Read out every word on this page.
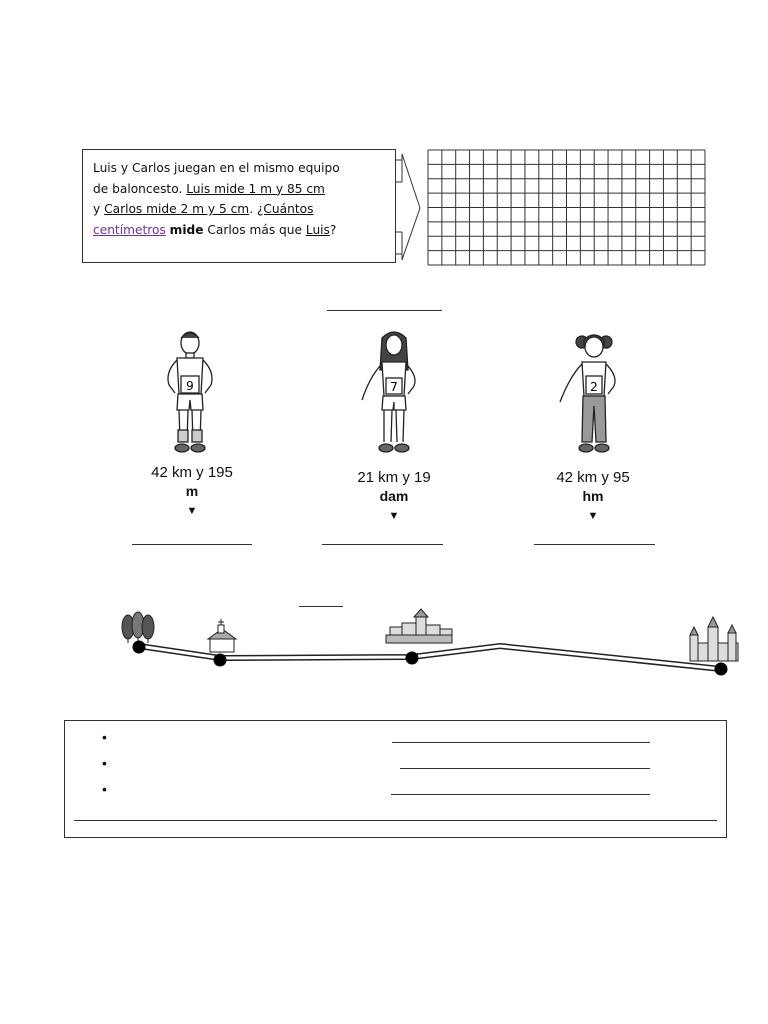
Luis y Carlos juegan en el mismo equipo
de baloncesto. Luis mide 1 m y 85 cm
y Carlos mide 2 m y 5 cm. ¿Cuántos
centímetros mide Carlos más que Luis?
9	7	2
42 km y 195
m
21 km y 19
dam
42 km y 95
hm
▼	▼	▼
•
•
•
